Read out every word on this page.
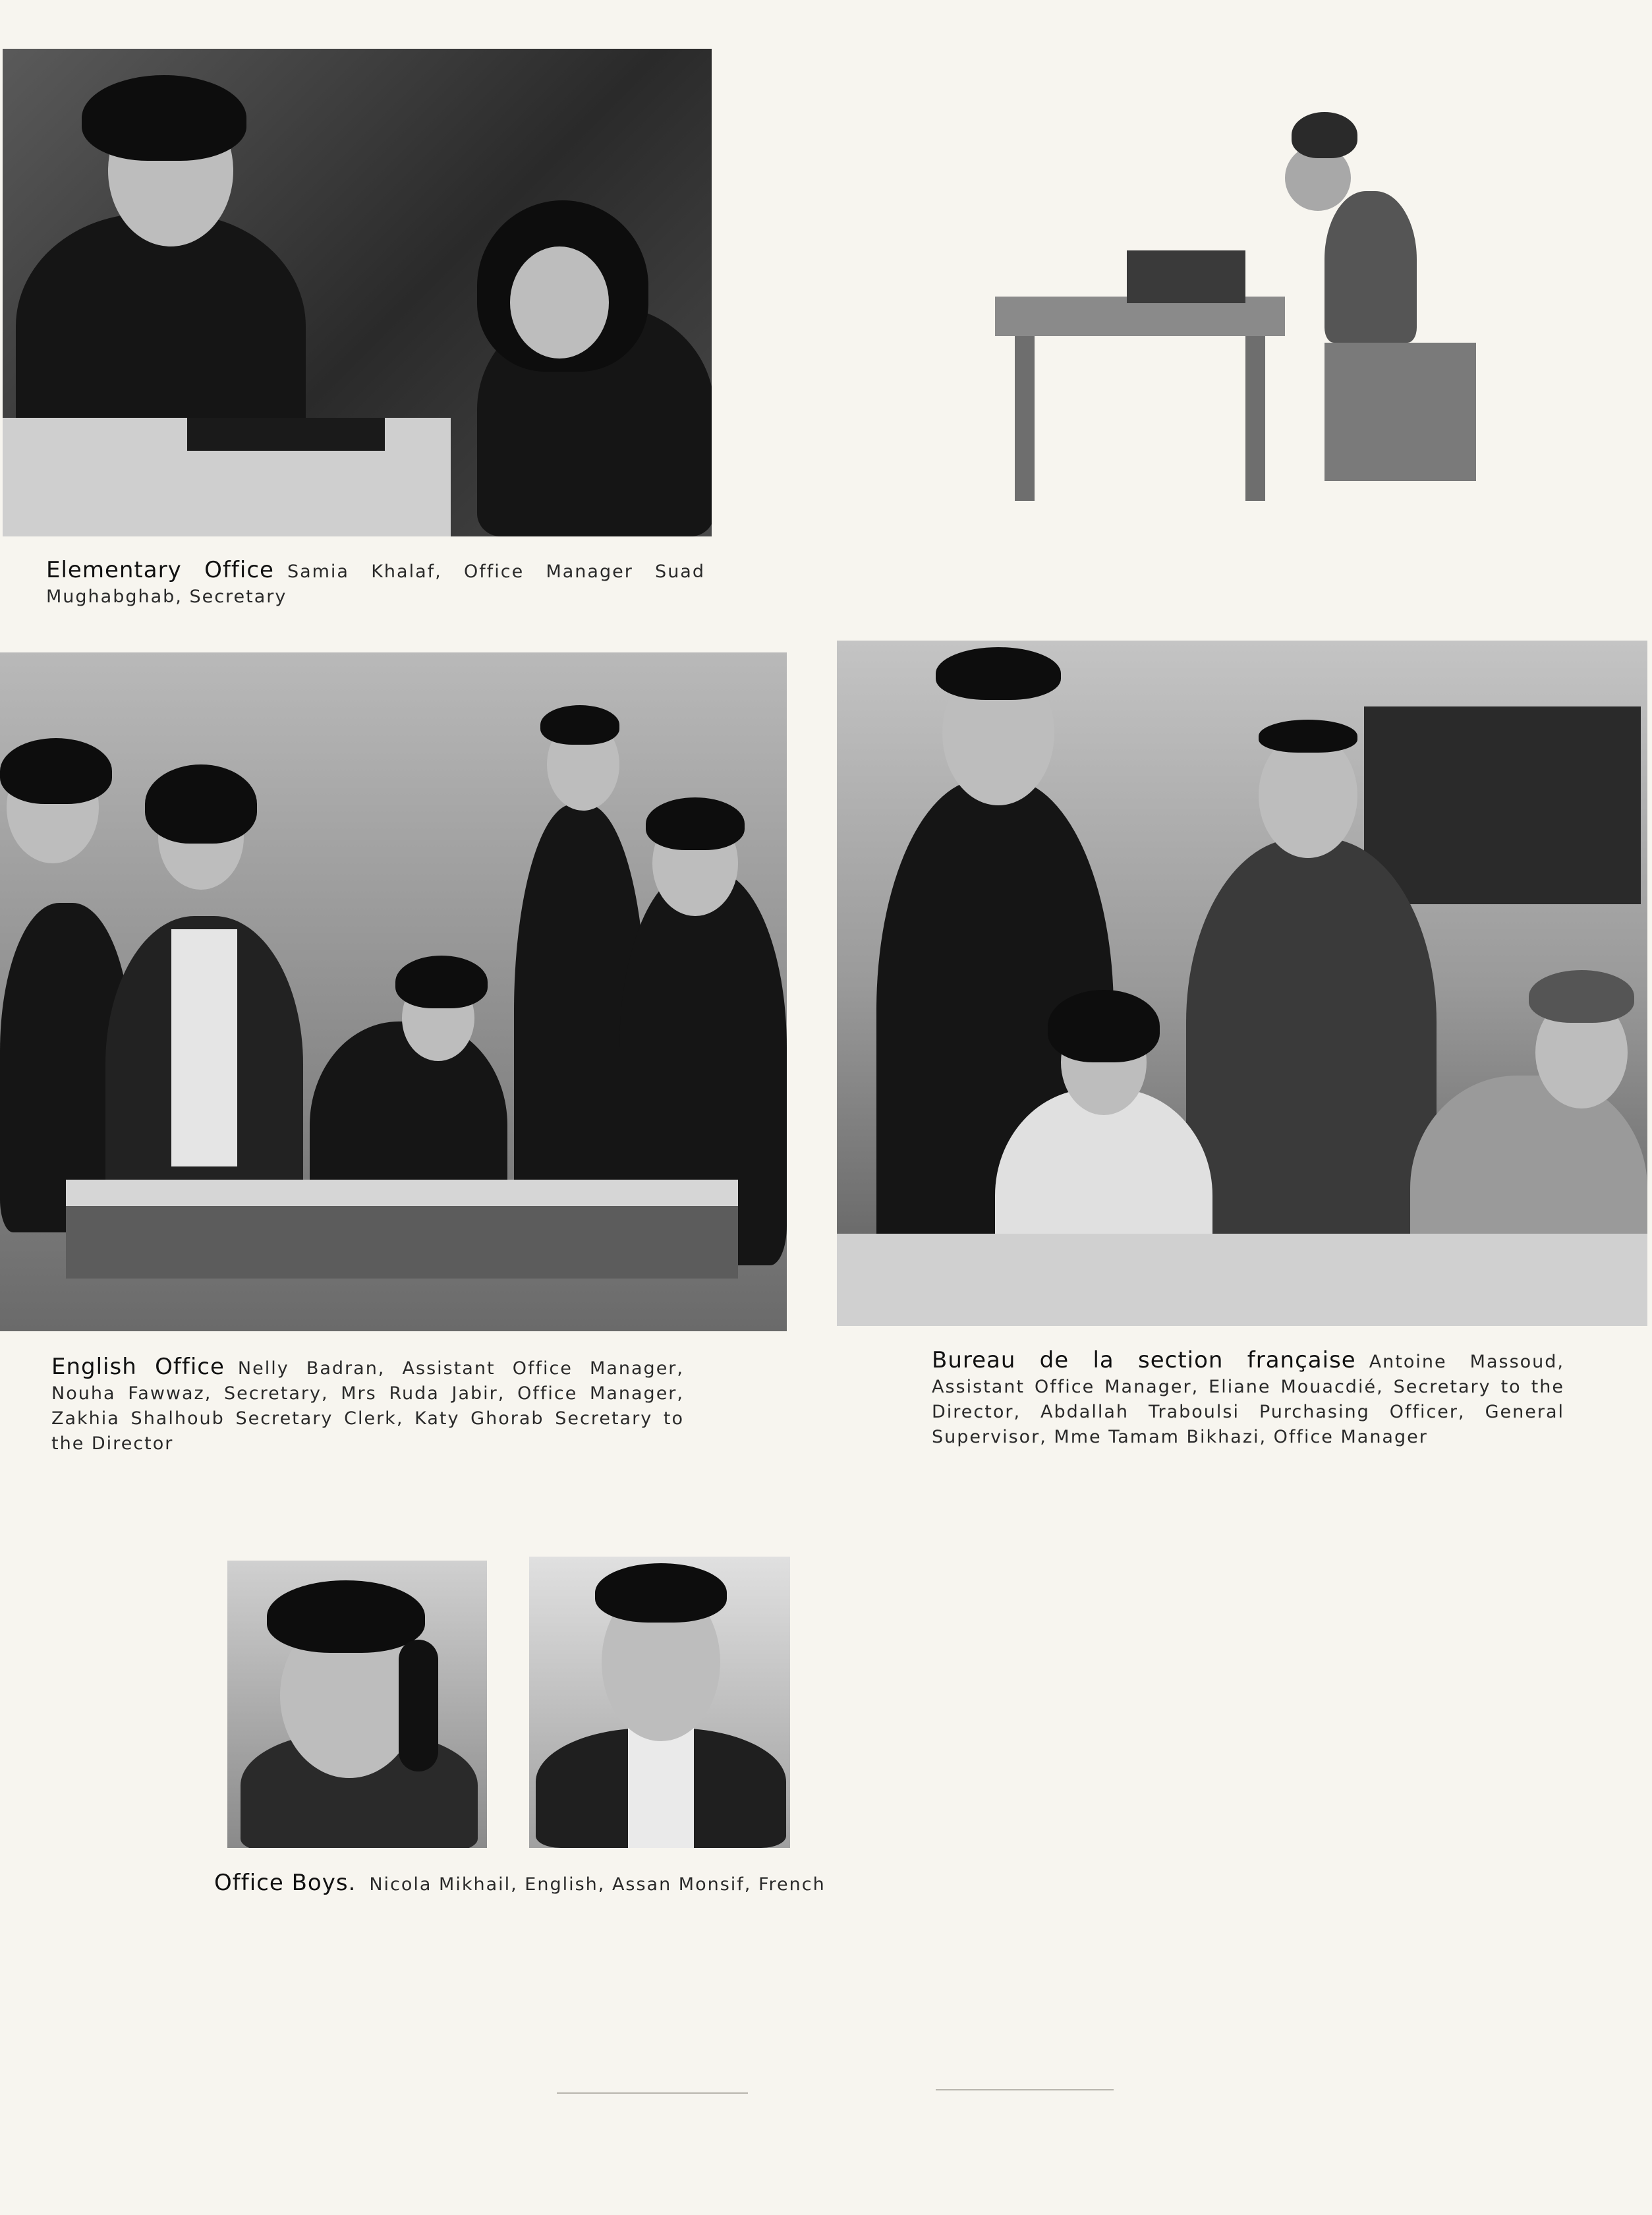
Elementary Office Samia Khalaf, Office Manager Suad Mughabghab, Secretary
English Office Nelly Badran, Assistant Office Manager, Nouha Fawwaz, Secretary, Mrs Ruda Jabir, Office Manager, Zakhia Shalhoub Secretary Clerk, Katy Ghorab Secretary to the Director
Bureau de la section française Antoine Massoud, Assistant Office Manager, Eliane Mouacdié, Secretary to the Director, Abdallah Traboulsi Purchasing Officer, General Supervisor, Mme Tamam Bikhazi, Office Manager
Office Boys. Nicola Mikhail, English, Assan Monsif, French
